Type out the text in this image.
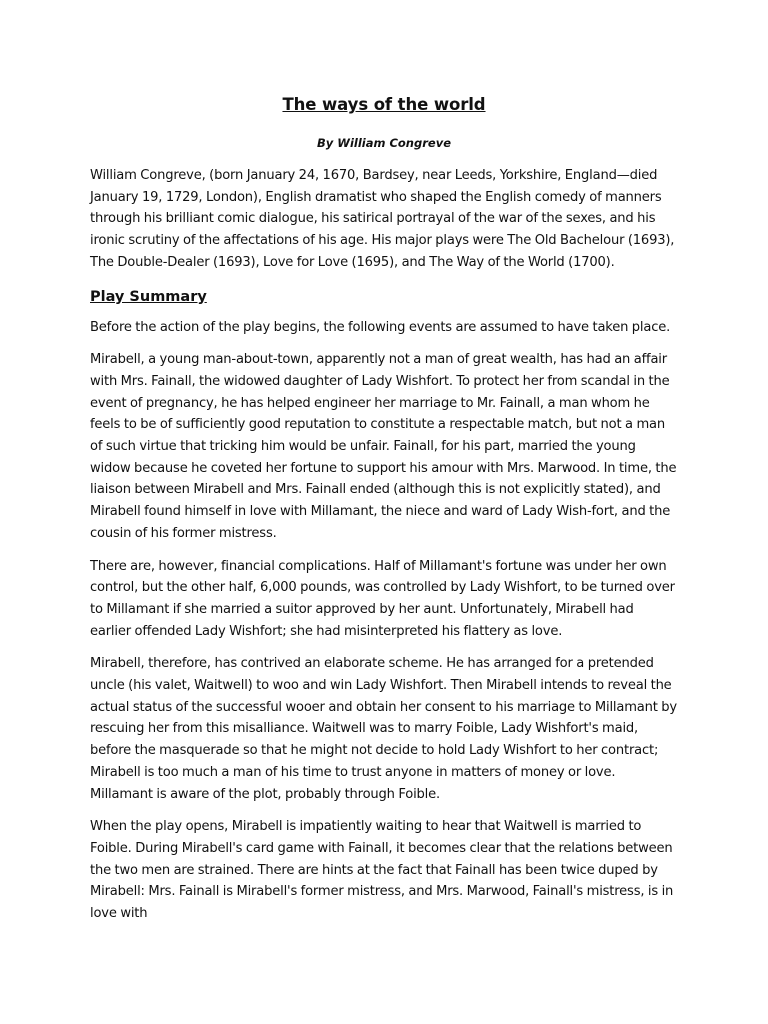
The ways of the world
By William Congreve

William Congreve, (born January 24, 1670, Bardsey, near Leeds, Yorkshire, England—died January 19, 1729, London), English dramatist who shaped the English comedy of manners through his brilliant comic dialogue, his satirical portrayal of the war of the sexes, and his ironic scrutiny of the affectations of his age. His major plays were The Old Bachelour (1693), The Double-Dealer (1693), Love for Love (1695), and The Way of the World (1700).

Play Summary

Before the action of the play begins, the following events are assumed to have taken place.

Mirabell, a young man-about-town, apparently not a man of great wealth, has had an affair with Mrs. Fainall, the widowed daughter of Lady Wishfort. To protect her from scandal in the event of pregnancy, he has helped engineer her marriage to Mr. Fainall, a man whom he feels to be of sufficiently good reputation to constitute a respectable match, but not a man of such virtue that tricking him would be unfair. Fainall, for his part, married the young widow because he coveted her fortune to support his amour with Mrs. Marwood. In time, the liaison between Mirabell and Mrs. Fainall ended (although this is not explicitly stated), and Mirabell found himself in love with Millamant, the niece and ward of Lady Wish-fort, and the cousin of his former mistress.

There are, however, financial complications. Half of Millamant's fortune was under her own control, but the other half, 6,000 pounds, was controlled by Lady Wishfort, to be turned over to Millamant if she married a suitor approved by her aunt. Unfortunately, Mirabell had earlier offended Lady Wishfort; she had misinterpreted his flattery as love.

Mirabell, therefore, has contrived an elaborate scheme. He has arranged for a pretended uncle (his valet, Waitwell) to woo and win Lady Wishfort. Then Mirabell intends to reveal the actual status of the successful wooer and obtain her consent to his marriage to Millamant by rescuing her from this misalliance. Waitwell was to marry Foible, Lady Wishfort's maid, before the masquerade so that he might not decide to hold Lady Wishfort to her contract; Mirabell is too much a man of his time to trust anyone in matters of money or love. Millamant is aware of the plot, probably through Foible.

When the play opens, Mirabell is impatiently waiting to hear that Waitwell is married to Foible. During Mirabell's card game with Fainall, it becomes clear that the relations between the two men are strained. There are hints at the fact that Fainall has been twice duped by Mirabell: Mrs. Fainall is Mirabell's former mistress, and Mrs. Marwood, Fainall's mistress, is in love with
